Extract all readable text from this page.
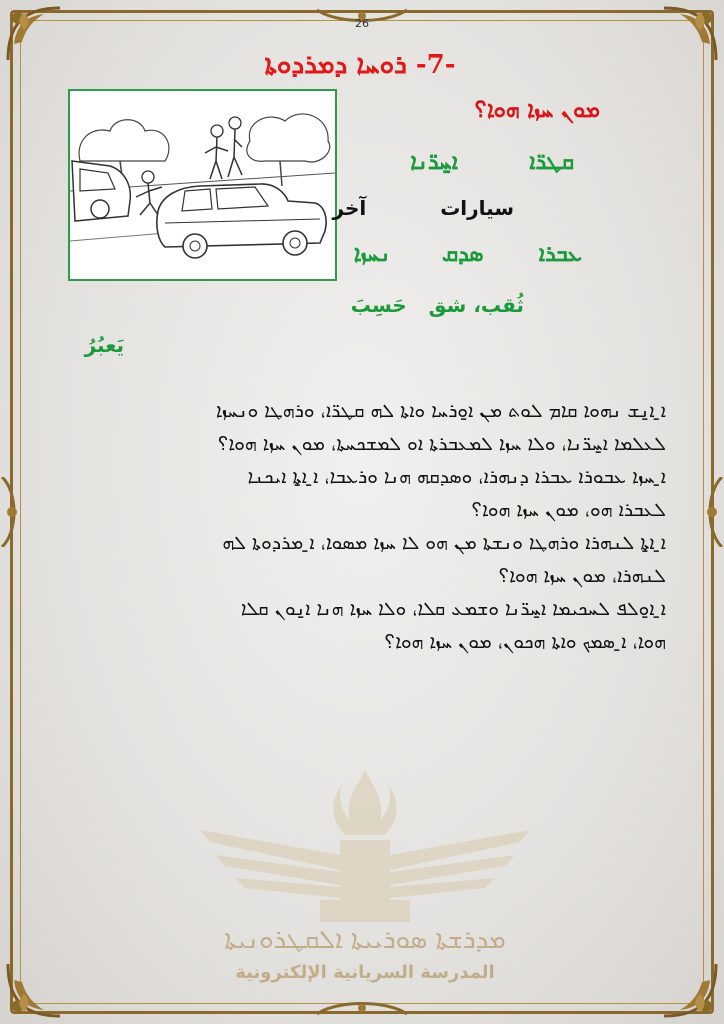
26
-7- ܪܘܚܐ ܕܡܪܕܘܬܐ
ܡܘܢ ܚܙܐ ܗܘܐ؟
ܩܛܪ̈ܐ  ܐ̱ܚܪ̈ܢܐ
سيارات  آخر
ܥܒܪܐ  ܣܕܩ  ܢܚܙܐ
ثُقب، شق  حَسِبَ
يَعبُرُ

ܐ̱ ܐ̱ܢܫ ܢܗܘܐ ܩܐܡ ܠܘܬ ܡܢ ܐ̱ܘܪܚܐ ܘܐܬܐ ܠܗ ܩܛܪ̈ܐ، ܘܪܗܛܐ ܘܢܚܙܐ

ܠܥܠܡܐ ܐ̱ܚܪ̈ܢܐ، ܘܠܐ ܚܙܐ ܠܡܥܒܪܬܐ ܐܘ ܠܡܫܟܚܬܐ، ܡܘܢ ܚܙܐ ܗܘܐ؟

ܐ̱ ܚܙܐ ܥܒܘܪܐ ܥܒܪܐ ܕܢܗܪܐ، ܘܣܕܩܗ ܗܢܐ ܘܪܥܒܐ، ܐ̱ ܐ̱ܬܐ ܐܝܟܢܐ

ܠܥܒܪܐ ܗܘ، ܡܘܢ ܚܙܐ ܗܘܐ؟

ܐ̱ ܐ̱ܬܐ ܠܢܗܪܐ ܘܪܗܛܐ ܘܢܫܬܐ ܡܢ ܗܘ ܠܐ ܚܙܐ ܡܣܘܐ، ܐ̱ ܡܪܕܘܬܐ ܠܗ

ܠܢܗܪܐ، ܡܘܢ ܚܙܐ ܗܘܐ؟

ܐ̱ ܐ̱ܘܠܦ ܠܚܟܝܡܐ ܐ̱ܚܪ̈ܢܐ ܘܫܡܥ ܩܠܐ، ܘܠܐ ܚܙܐ ܗܢܐ ܐ̱ܢܘܢ ܩܠܐ

ܗܘܐ، ܐ̱ ܣܡܟ ܘܐܬܐ ܗܟܘܢ، ܡܘܢ ܚܙܐ ܗܘܐ؟

ܡܕܪܫܬܐ ܣܘܪܝܝܬܐ ܐܠܩܛܪܘܢܝܬܐ
المدرسة السريانية الإلكترونية
